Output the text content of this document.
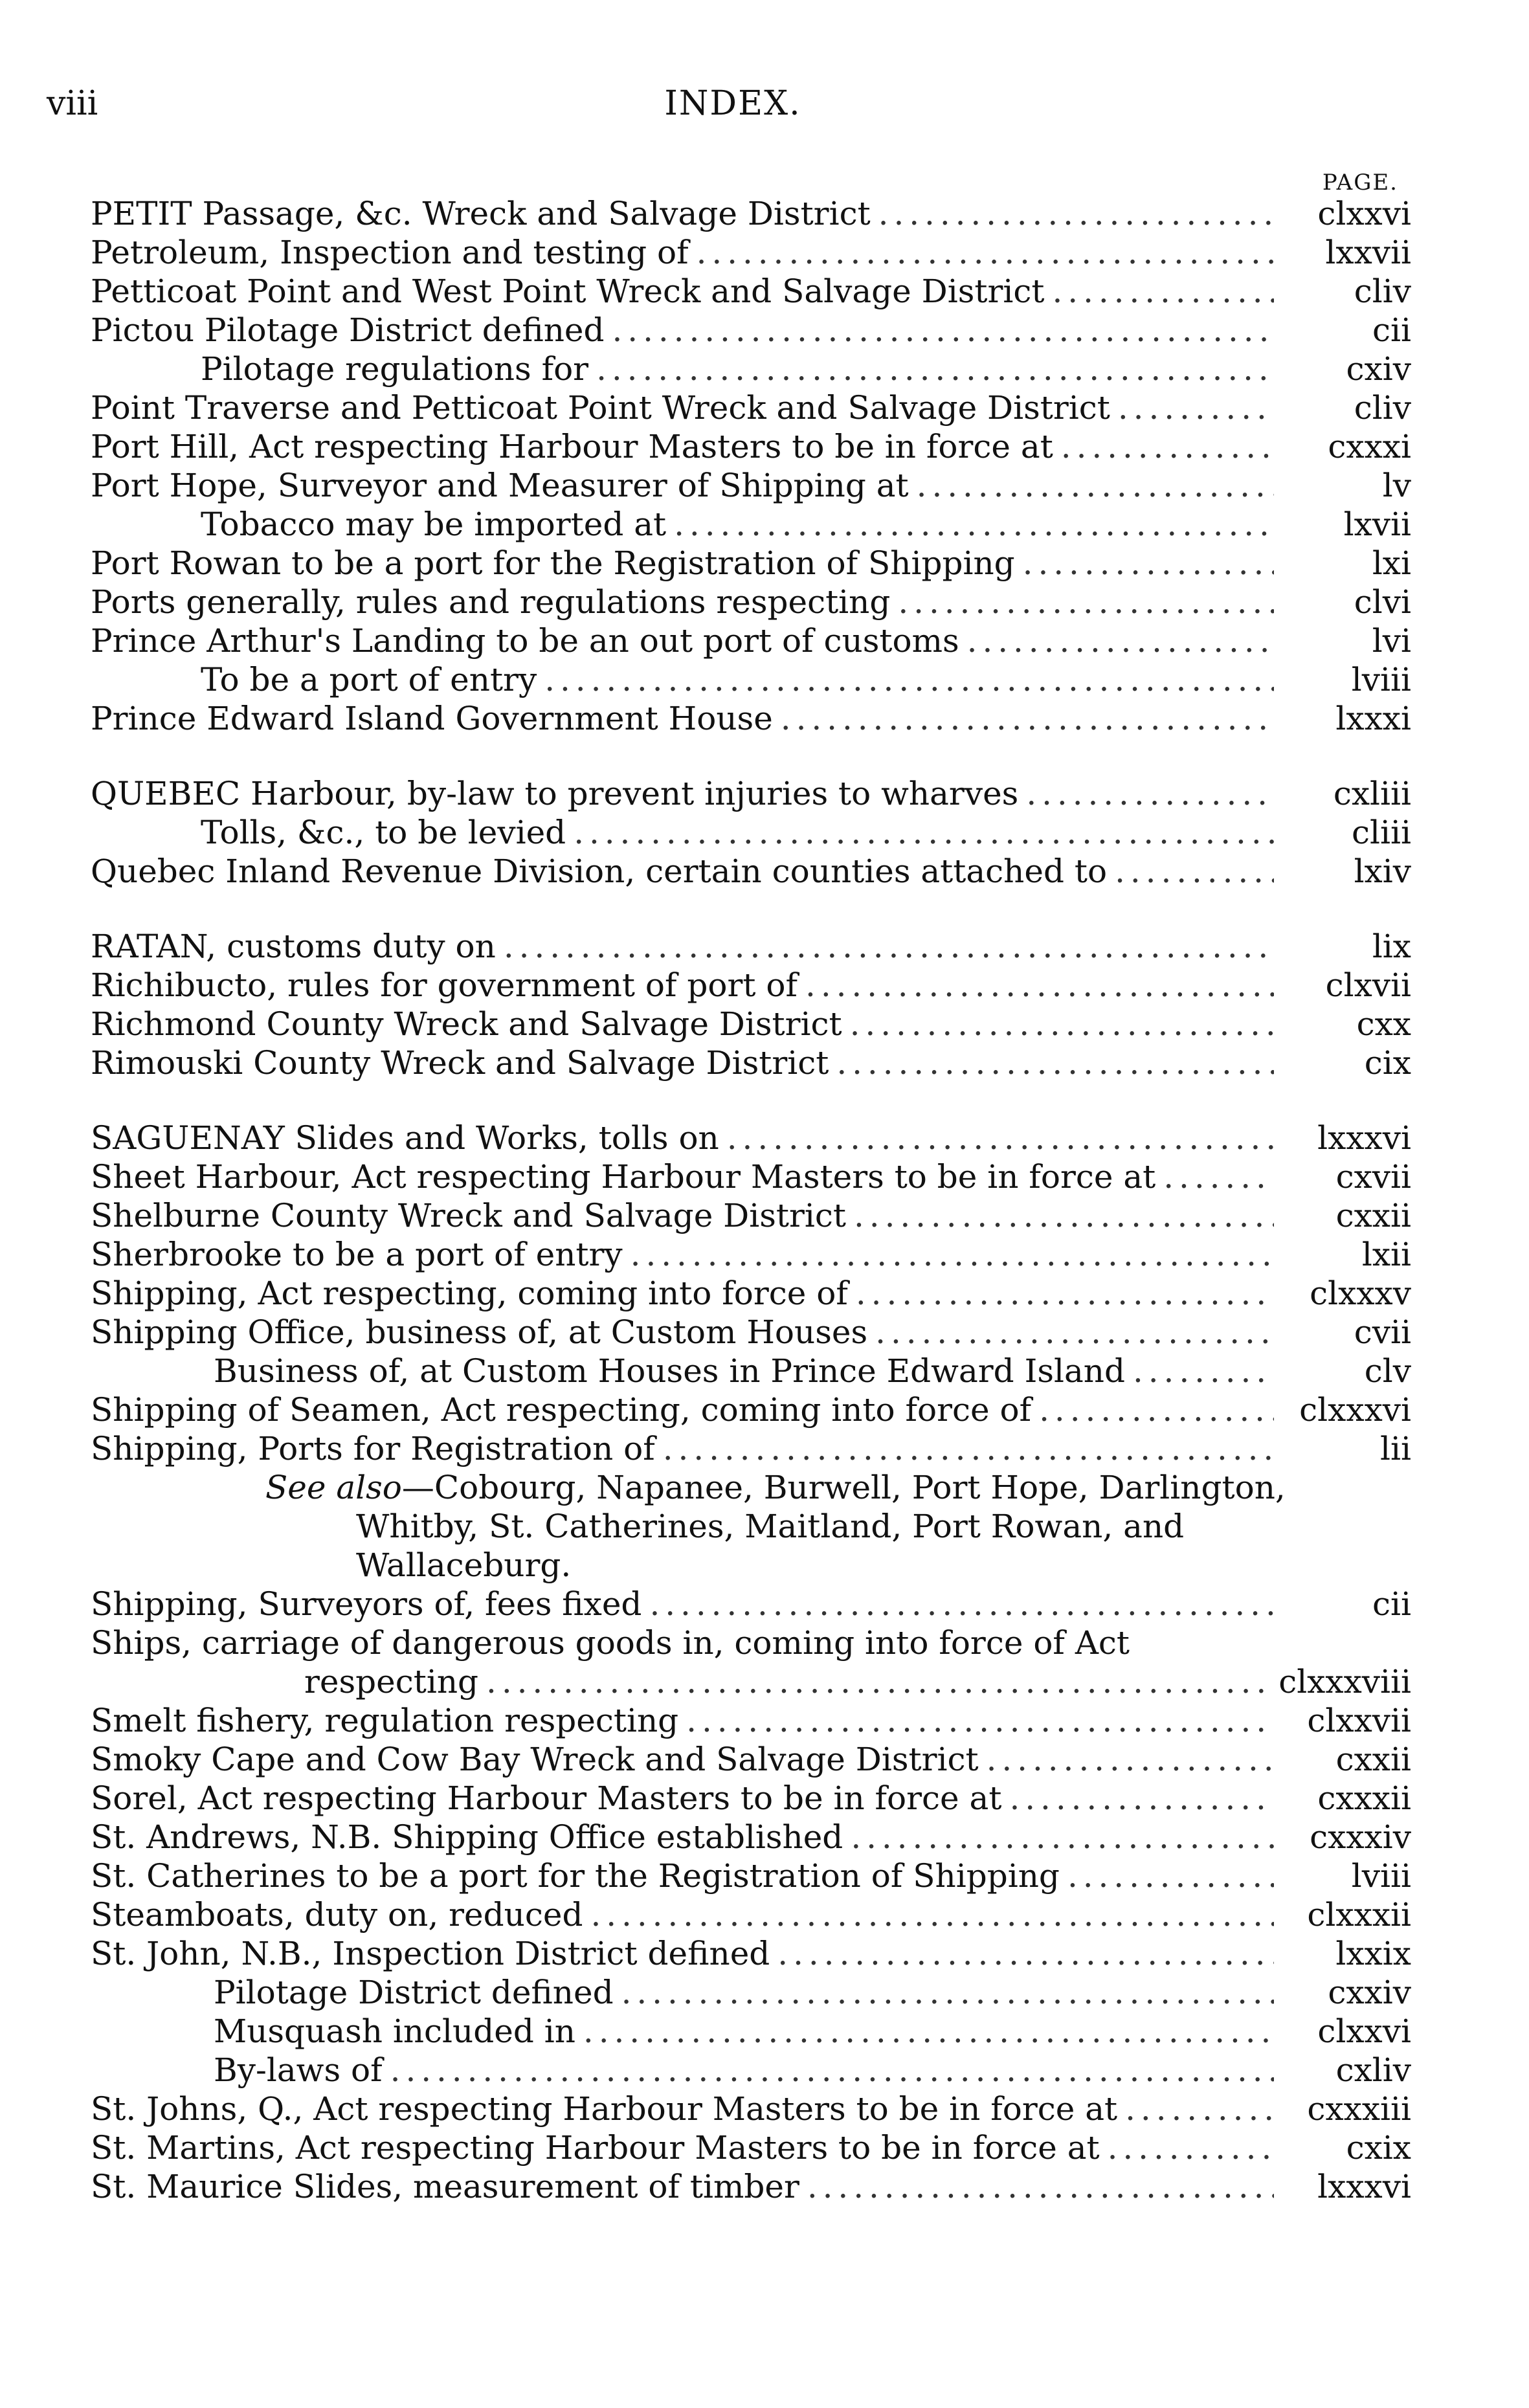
viii	INDEX.
PAGE.
PETIT Passage, &c. Wreck and Salvage District . . .	clxxvi
Petroleum, Inspection and testing of . . .	lxxvii
Petticoat Point and West Point Wreck and Salvage District . . .	cliv
Pictou Pilotage District defined . . .	cii
Pilotage regulations for . . .	cxiv
Point Traverse and Petticoat Point Wreck and Salvage District . . .	cliv
Port Hill, Act respecting Harbour Masters to be in force at . . .	cxxxi
Port Hope, Surveyor and Measurer of Shipping at . . .	lv
Tobacco may be imported at . . .	lxvii
Port Rowan to be a port for the Registration of Shipping . . .	lxi
Ports generally, rules and regulations respecting . . .	clvi
Prince Arthur's Landing to be an out port of customs . . .	lvi
To be a port of entry . . .	lviii
Prince Edward Island Government House . . .	lxxxi
QUEBEC Harbour, by-law to prevent injuries to wharves . . .	cxliii
Tolls, &c., to be levied . . .	cliii
Quebec Inland Revenue Division, certain counties attached to . . .	lxiv
RATAN, customs duty on . . .	lix
Richibucto, rules for government of port of . . .	clxvii
Richmond County Wreck and Salvage District . . .	cxx
Rimouski County Wreck and Salvage District . . .	cix
SAGUENAY Slides and Works, tolls on . . .	lxxxvi
Sheet Harbour, Act respecting Harbour Masters to be in force at . . .	cxvii
Shelburne County Wreck and Salvage District . . .	cxxii
Sherbrooke to be a port of entry . . .	lxii
Shipping, Act respecting, coming into force of . . .	clxxxv
Shipping Office, business of, at Custom Houses . . .	cvii
Business of, at Custom Houses in Prince Edward Island . . .	clv
Shipping of Seamen, Act respecting, coming into force of . . .	clxxxvi
Shipping, Ports for Registration of . . .	lii
See also—Cobourg, Napanee, Burwell, Port Hope, Darlington,
Whitby, St. Catherines, Maitland, Port Rowan, and
Wallaceburg.
Shipping, Surveyors of, fees fixed . . .	cii
Ships, carriage of dangerous goods in, coming into force of Act
respecting . . .	clxxxviii
Smelt fishery, regulation respecting . . .	clxxvii
Smoky Cape and Cow Bay Wreck and Salvage District . . .	cxxii
Sorel, Act respecting Harbour Masters to be in force at . . .	cxxxii
St. Andrews, N.B. Shipping Office established . . .	cxxxiv
St. Catherines to be a port for the Registration of Shipping . . .	lviii
Steamboats, duty on, reduced . . .	clxxxii
St. John, N.B., Inspection District defined . . .	lxxix
Pilotage District defined . . .	cxxiv
Musquash included in . . .	clxxvi
By-laws of . . .	cxliv
St. Johns, Q., Act respecting Harbour Masters to be in force at . . .	cxxxiii
St. Martins, Act respecting Harbour Masters to be in force at . . .	cxix
St. Maurice Slides, measurement of timber . . .	lxxxvi
